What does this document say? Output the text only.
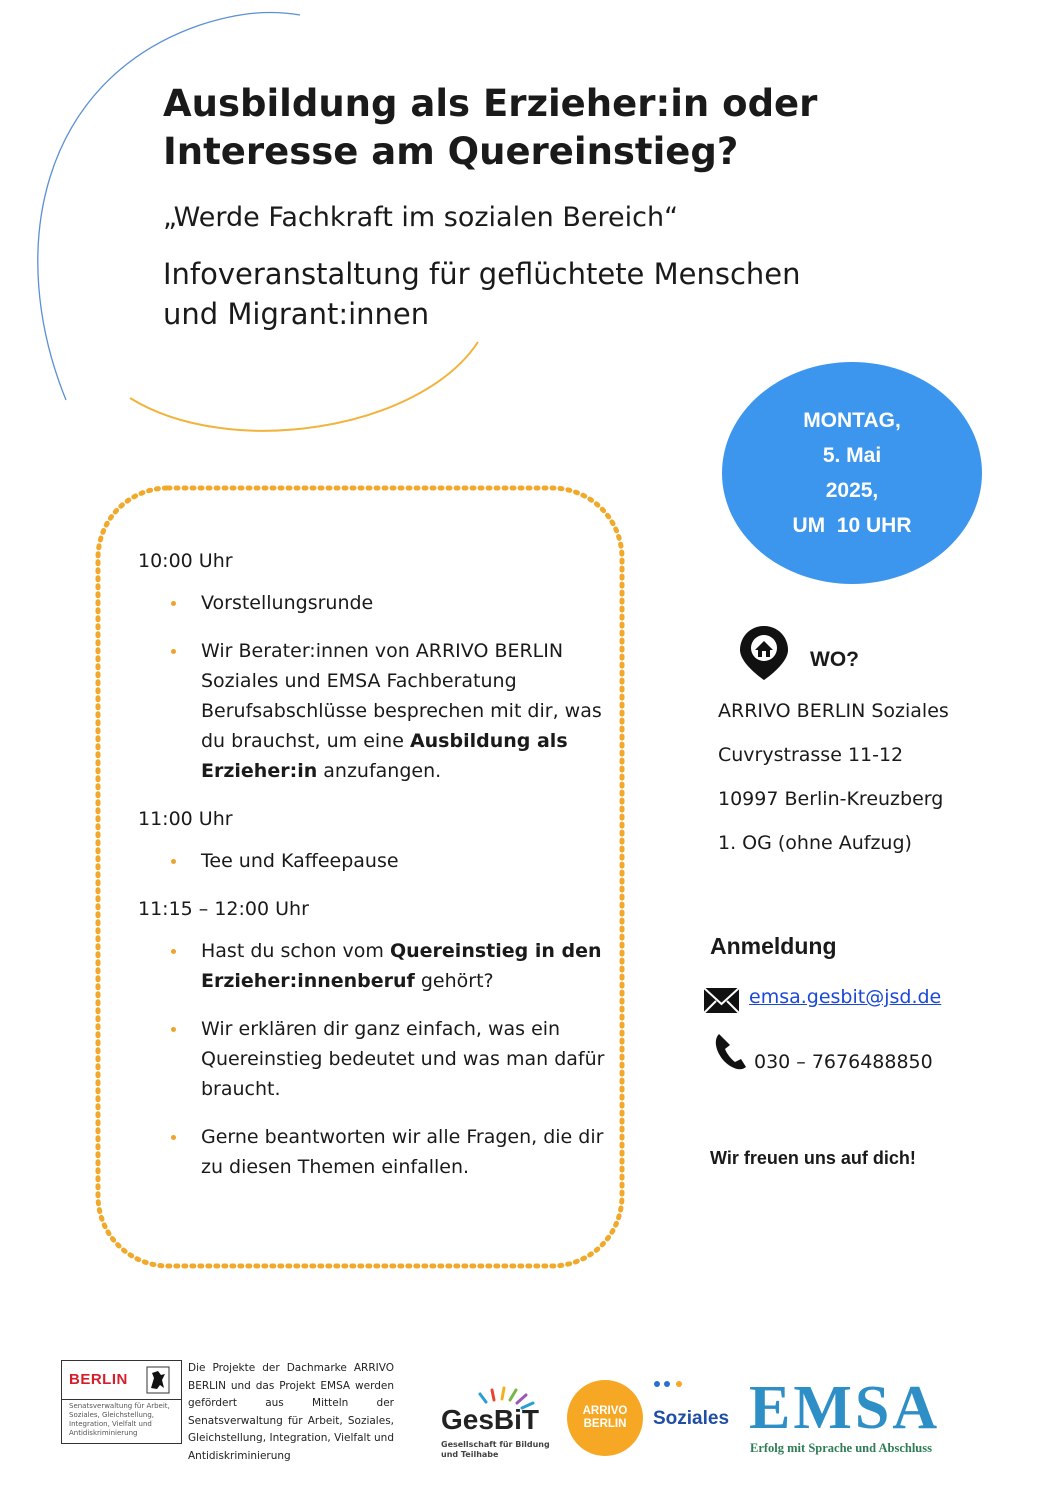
Ausbildung als Erzieher:in oder
Interesse am Quereinstieg?
„Werde Fachkraft im sozialen Bereich“
Infoveranstaltung für geflüchtete Menschen
und Migrant:innen
MONTAG,
5. Mai
2025,
UM  10 UHR
10:00 Uhr
Vorstellungsrunde
Wir Berater:innen von ARRIVO BERLIN Soziales und EMSA Fachberatung Berufsabschlüsse besprechen mit dir, was du brauchst, um eine Ausbildung als Erzieher:in anzufangen.
11:00 Uhr
Tee und Kaffeepause
11:15 – 12:00 Uhr
Hast du schon vom Quereinstieg in den Erzieher:innenberuf gehört?
Wir erklären dir ganz einfach, was ein Quereinstieg bedeutet und was man dafür braucht.
Gerne beantworten wir alle Fragen, die dir zu diesen Themen einfallen.
WO?
ARRIVO BERLIN Soziales
Cuvrystrasse 11-12
10997 Berlin-Kreuzberg
1. OG (ohne Aufzug)
Anmeldung
emsa.gesbit@jsd.de
030 – 7676488850
Wir freuen uns auf dich!
BERLIN
Senatsverwaltung für Arbeit, Soziales, Gleichstellung, Integration, Vielfalt und Antidiskriminierung
Die Projekte der Dachmarke ARRIVO BERLIN und das Projekt EMSA werden gefördert aus Mitteln der Senatsverwaltung für Arbeit, Soziales, Gleichstellung, Integration, Vielfalt und Antidiskriminierung
GesBiT
Gesellschaft für Bildung und Teilhabe
ARRIVO
BERLIN	Soziales EMSA
Erfolg mit Sprache und Abschluss
